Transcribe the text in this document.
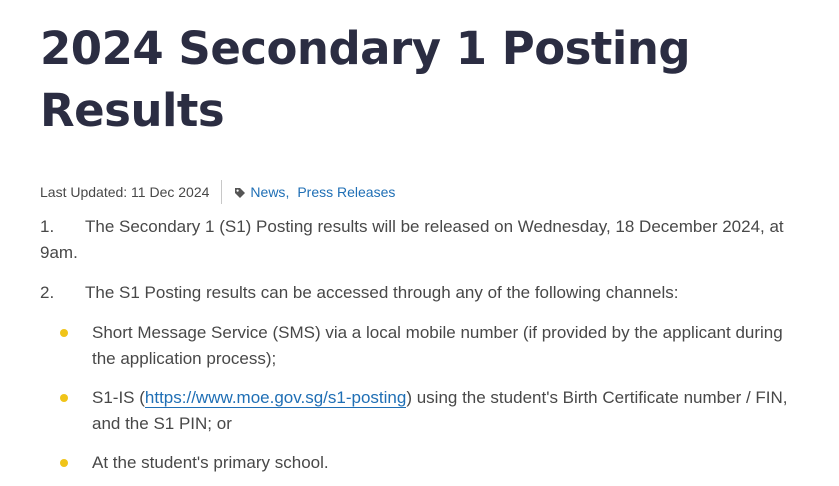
2024 Secondary 1 Posting Results
Last Updated: 11 Dec 2024	News , Press Releases

1. The Secondary 1 (S1) Posting results will be released on Wednesday, 18 December 2024, at 9am.

2. The S1 Posting results can be accessed through any of the following channels:

Short Message Service (SMS) via a local mobile number (if provided by the applicant during the application process);
S1-IS (https://www.moe.gov.sg/s1-posting) using the student's Birth Certificate number / FIN, and the S1 PIN; or
At the student's primary school.
